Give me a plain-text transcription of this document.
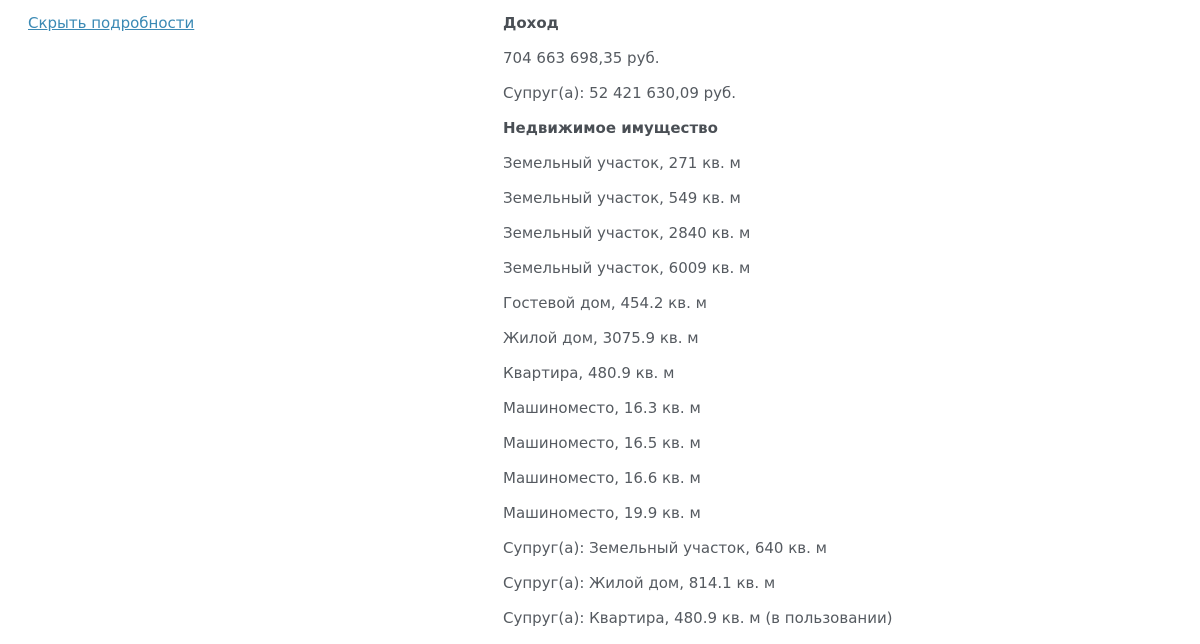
Скрыть подробности	Доход
704 663 698,35 руб.
Супруг(а): 52 421 630,09 руб.
Недвижимое имущество
Земельный участок, 271 кв. м
Земельный участок, 549 кв. м
Земельный участок, 2840 кв. м
Земельный участок, 6009 кв. м
Гостевой дом, 454.2 кв. м
Жилой дом, 3075.9 кв. м
Квартира, 480.9 кв. м
Машиноместо, 16.3 кв. м
Машиноместо, 16.5 кв. м
Машиноместо, 16.6 кв. м
Машиноместо, 19.9 кв. м
Супруг(а): Земельный участок, 640 кв. м
Супруг(а): Жилой дом, 814.1 кв. м
Супруг(а): Квартира, 480.9 кв. м (в пользовании)
